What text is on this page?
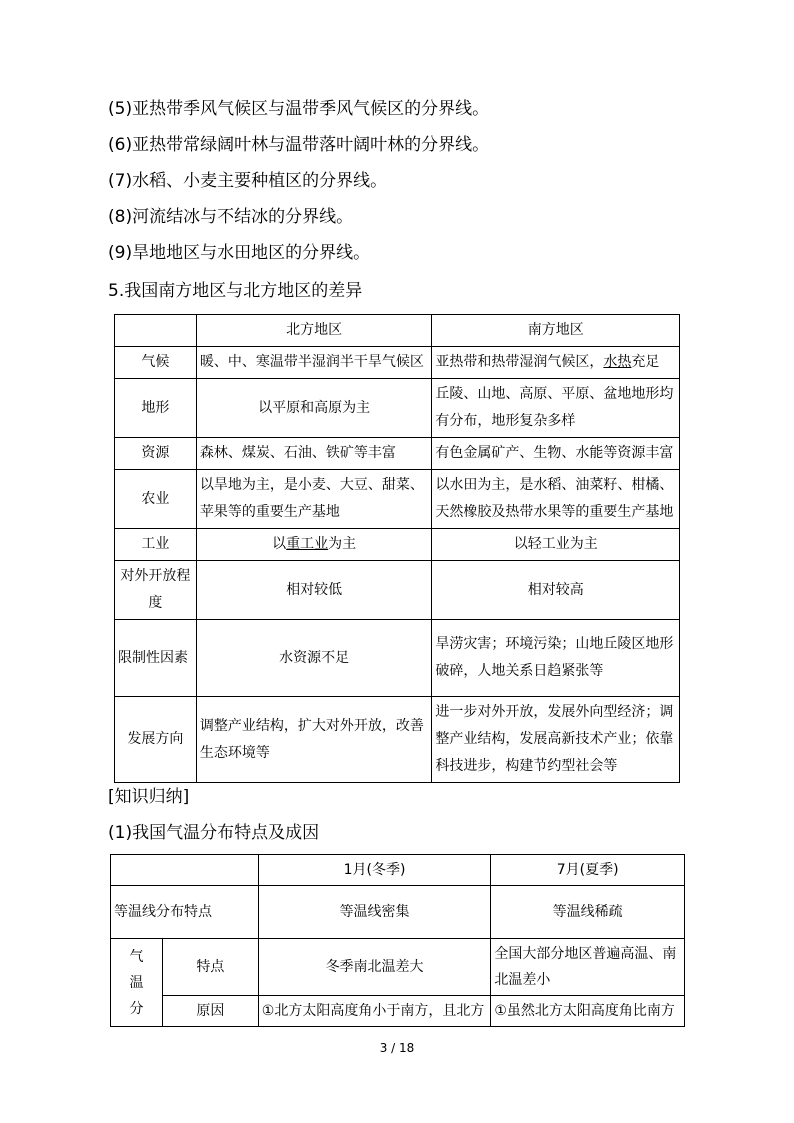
(5)亚热带季风气候区与温带季风气候区的分界线。
(6)亚热带常绿阔叶林与温带落叶阔叶林的分界线。
(7)水稻、小麦主要种植区的分界线。
(8)河流结冰与不结冰的分界线。
(9)旱地地区与水田地区的分界线。
5.我国南方地区与北方地区的差异
	北方地区	南方地区
气候	暖、中、寒温带半湿润半干旱气候区	亚热带和热带湿润气候区，水热充足
地形	以平原和高原为主	丘陵、山地、高原、平原、盆地地形均有分布，地形复杂多样
资源	森林、煤炭、石油、铁矿等丰富	有色金属矿产、生物、水能等资源丰富
农业	以旱地为主，是小麦、大豆、甜菜、苹果等的重要生产基地	以水田为主，是水稻、油菜籽、柑橘、天然橡胶及热带水果等的重要生产基地
工业	以重工业为主	以轻工业为主
对外开放程度	相对较低	相对较高
限制性因素	水资源不足	旱涝灾害；环境污染；山地丘陵区地形破碎，人地关系日趋紧张等
发展方向	调整产业结构，扩大对外开放，改善生态环境等	进一步对外开放，发展外向型经济；调整产业结构，发展高新技术产业；依靠科技进步，构建节约型社会等
[知识归纳]
(1)我国气温分布特点及成因
		1月(冬季)	7月(夏季)
等温线分布特点		等温线密集	等温线稀疏
气温分	特点	冬季南北温差大	全国大部分地区普遍高温、南北温差小
	原因	①北方太阳高度角小于南方，且北方	①虽然北方太阳高度角比南方
3 / 18
